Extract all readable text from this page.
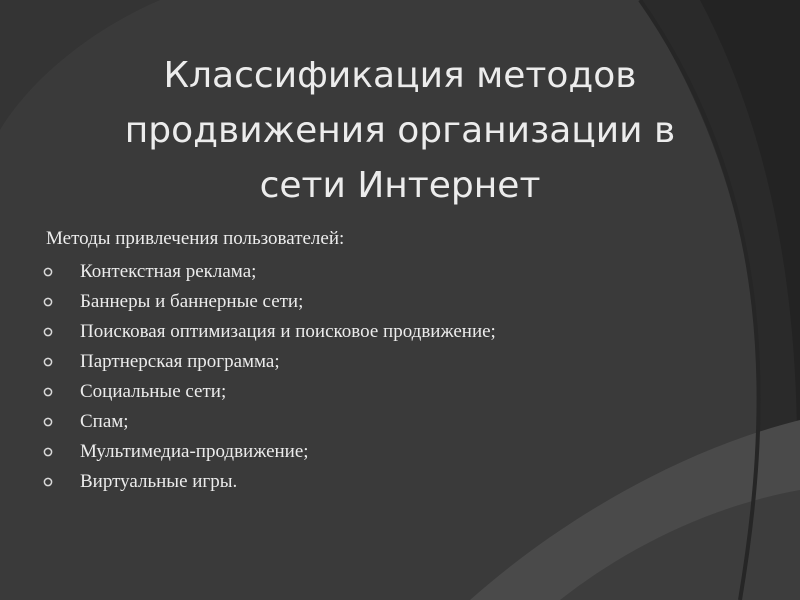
Классификация методов
продвижения организации в
сети Интернет
Методы привлечения пользователей:
Контекстная реклама;
Баннеры и баннерные сети;
Поисковая оптимизация и поисковое продвижение;
Партнерская программа;
Социальные сети;
Спам;
Мультимедиа-продвижение;
Виртуальные игры.
